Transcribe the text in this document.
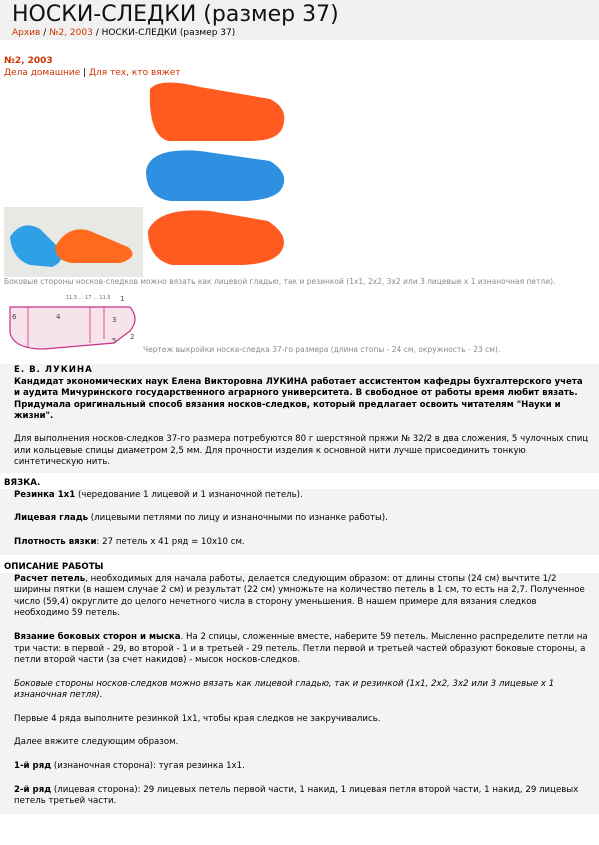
НОСКИ-СЛЕДКИ (размер 37)
Архив / №2, 2003 / НОСКИ-СЛЕДКИ (размер 37)
№2, 2003
Дела домашние | Для тех, кто вяжет
Боковые стороны носков-следков можно вязать как лицевой гладью, так и резинкой (1х1, 2х2, 3х2 или 3 лицевые х 1 изнаночная петли).
6	4	3
1
5 2
11,5 ... 17 ... 11,5
Чертеж выкройки носка-следка 37-го размера (длина стопы - 24 см, окружность - 23 см).
Е. В. ЛУКИНА

Кандидат экономических наук Елена Викторовна ЛУКИНА работает ассистентом кафедры бухгалтерского учета и аудита Мичуринского государственного аграрного университета. В свободное от работы время любит вязать. Придумала оригинальный способ вязания носков-следков, который предлагает освоить читателям "Науки и жизни".

Для выполнения носков-следков 37-го размера потребуются 80 г шерстяной пряжи № 32/2 в два сложения, 5 чулочных спиц или кольцевые спицы диаметром 2,5 мм. Для прочности изделия к основной нити лучше присоединить тонкую синтетическую нить.

ВЯЗКА.

Резинка 1х1 (чередование 1 лицевой и 1 изнаночной петель).

Лицевая гладь (лицевыми петлями по лицу и изнаночными по изнанке работы).

Плотность вязки: 27 петель х 41 ряд = 10х10 см.

ОПИСАНИЕ РАБОТЫ

Расчет петель, необходимых для начала работы, делается следующим образом: от длины стопы (24 см) вычтите 1/2 ширины пятки (в нашем случае 2 см) и результат (22 см) умножьте на количество петель в 1 см, то есть на 2,7. Полученное число (59,4) округлите до целого нечетного числа в сторону уменьшения. В нашем примере для вязания следков необходимо 59 петель.

Вязание боковых сторон и мыска. На 2 спицы, сложенные вместе, наберите 59 петель. Мысленно распределите петли на три части: в первой - 29, во второй - 1 и в третьей - 29 петель. Петли первой и третьей частей образуют боковые стороны, а петли второй части (за счет накидов) - мысок носков-следков.

Боковые стороны носков-следков можно вязать как лицевой гладью, так и резинкой (1х1, 2х2, 3х2 или 3 лицевые х 1 изнаночная петля).

Первые 4 ряда выполните резинкой 1х1, чтобы края следков не закручивались.

Далее вяжите следующим образом.

1-й ряд (изнаночная сторона): тугая резинка 1х1.

2-й ряд (лицевая сторона): 29 лицевых петель первой части, 1 накид, 1 лицевая петля второй части, 1 накид, 29 лицевых петель третьей части.
